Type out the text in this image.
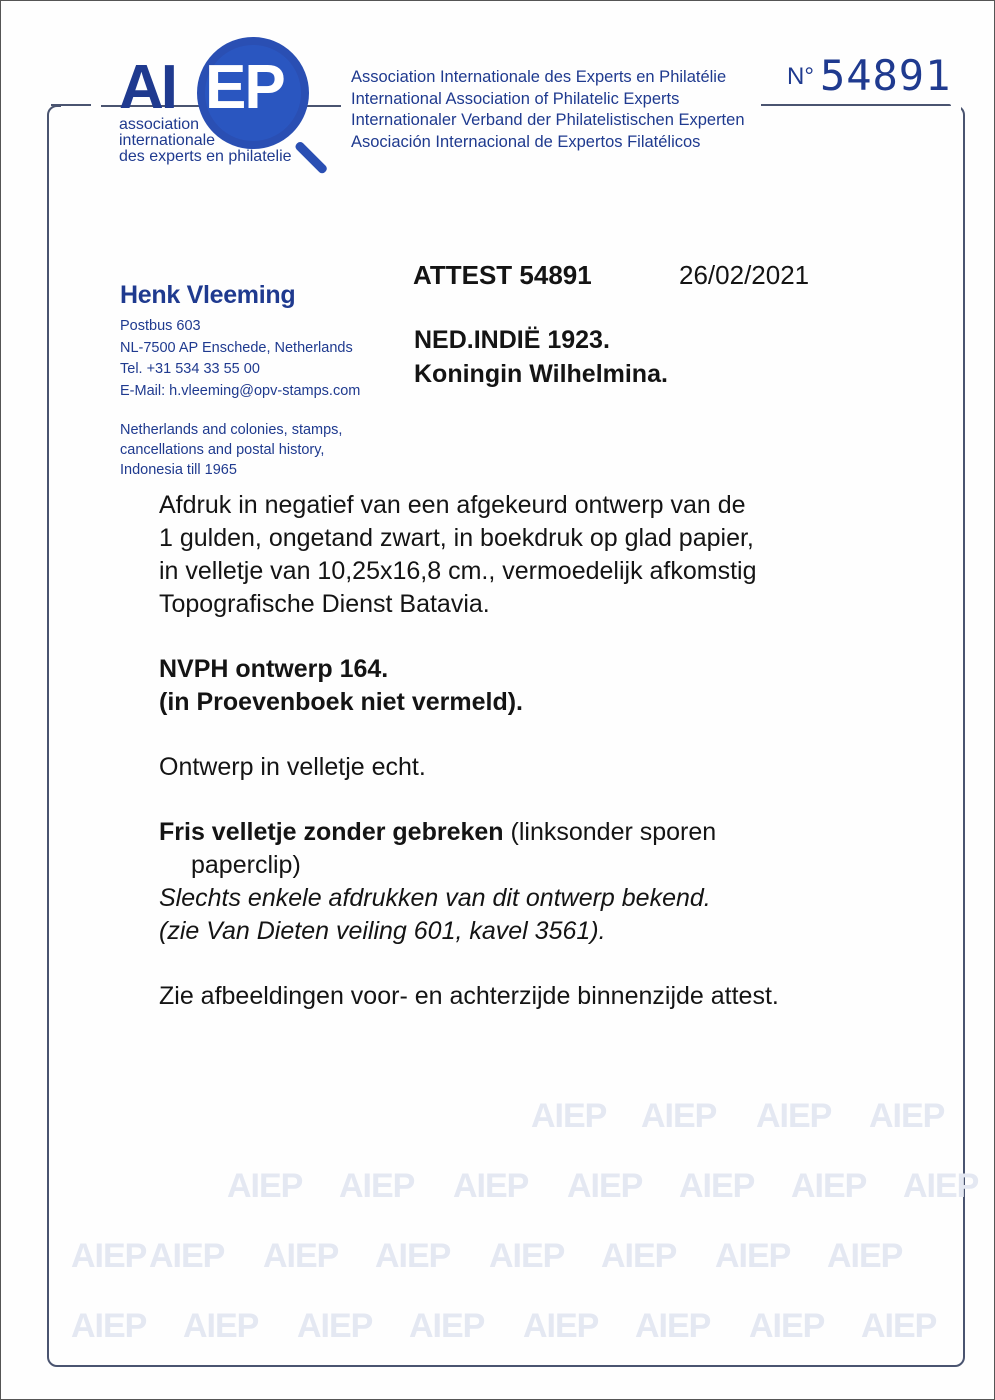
AI EP
association
internationale
des experts en philatelie
Association Internationale des Experts en Philatélie
International Association of Philatelic Experts
Internationaler Verband der Philatelistischen Experten
Asociación Internacional de Expertos Filatélicos
N° 54891
Henk Vleeming
Postbus 603
NL-7500 AP Enschede, Netherlands
Tel. +31 534 33 55 00
E-Mail: h.vleeming@opv-stamps.com
Netherlands and colonies, stamps,
cancellations and postal history,
Indonesia till 1965
ATTEST 54891	26/02/2021
NED.INDIË 1923.
Koningin Wilhelmina.
Afdruk in negatief van een afgekeurd ontwerp van de
1 gulden, ongetand zwart, in boekdruk op glad papier,
in velletje van 10,25x16,8 cm., vermoedelijk afkomstig
Topografische Dienst Batavia.
NVPH ontwerp 164.
(in Proevenboek niet vermeld).
Ontwerp in velletje echt.
Fris velletje zonder gebreken (linksonder sporen
paperclip)
Slechts enkele afdrukken van dit ontwerp bekend.
(zie Van Dieten veiling 601, kavel 3561).
Zie afbeeldingen voor- en achterzijde binnenzijde attest.
AIEP AIEP AIEP AIEP
AIEP AIEP AIEP AIEP AIEP AIEP AIEP
AIEP AIEP AIEP AIEP AIEP AIEP AIEP AIEP
AIEP AIEP AIEP AIEP AIEP AIEP AIEP AIEP
